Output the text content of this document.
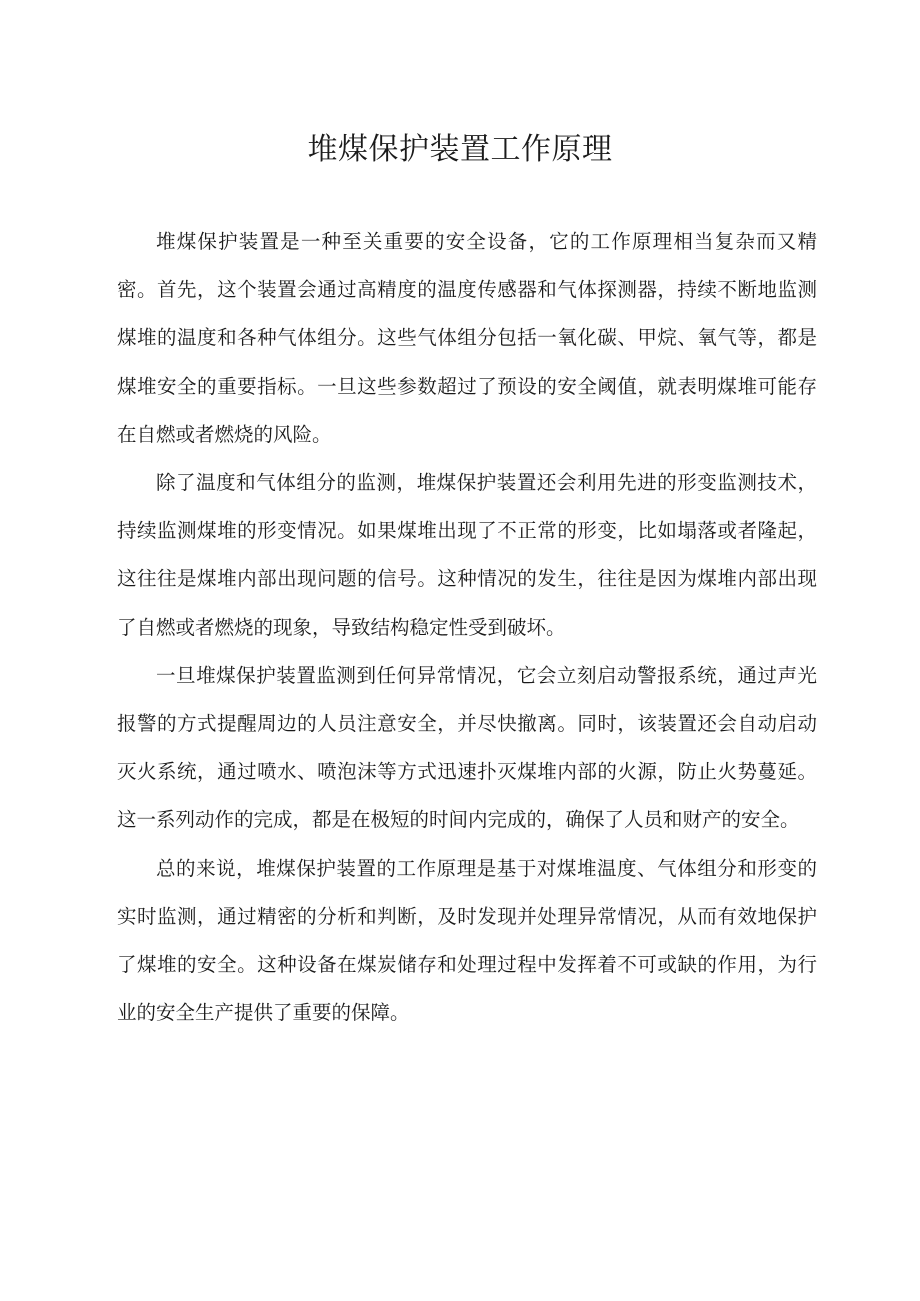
堆煤保护装置工作原理

堆煤保护装置是一种至关重要的安全设备，它的工作原理相当复杂而又精密。首先，这个装置会通过高精度的温度传感器和气体探测器，持续不断地监测煤堆的温度和各种气体组分。这些气体组分包括一氧化碳、甲烷、氧气等，都是煤堆安全的重要指标。一旦这些参数超过了预设的安全阈值，就表明煤堆可能存在自燃或者燃烧的风险。

除了温度和气体组分的监测，堆煤保护装置还会利用先进的形变监测技术，持续监测煤堆的形变情况。如果煤堆出现了不正常的形变，比如塌落或者隆起，这往往是煤堆内部出现问题的信号。这种情况的发生，往往是因为煤堆内部出现了自燃或者燃烧的现象，导致结构稳定性受到破坏。

一旦堆煤保护装置监测到任何异常情况，它会立刻启动警报系统，通过声光报警的方式提醒周边的人员注意安全，并尽快撤离。同时，该装置还会自动启动灭火系统，通过喷水、喷泡沫等方式迅速扑灭煤堆内部的火源，防止火势蔓延。这一系列动作的完成，都是在极短的时间内完成的，确保了人员和财产的安全。

总的来说，堆煤保护装置的工作原理是基于对煤堆温度、气体组分和形变的实时监测，通过精密的分析和判断，及时发现并处理异常情况，从而有效地保护了煤堆的安全。这种设备在煤炭储存和处理过程中发挥着不可或缺的作用，为行业的安全生产提供了重要的保障。
